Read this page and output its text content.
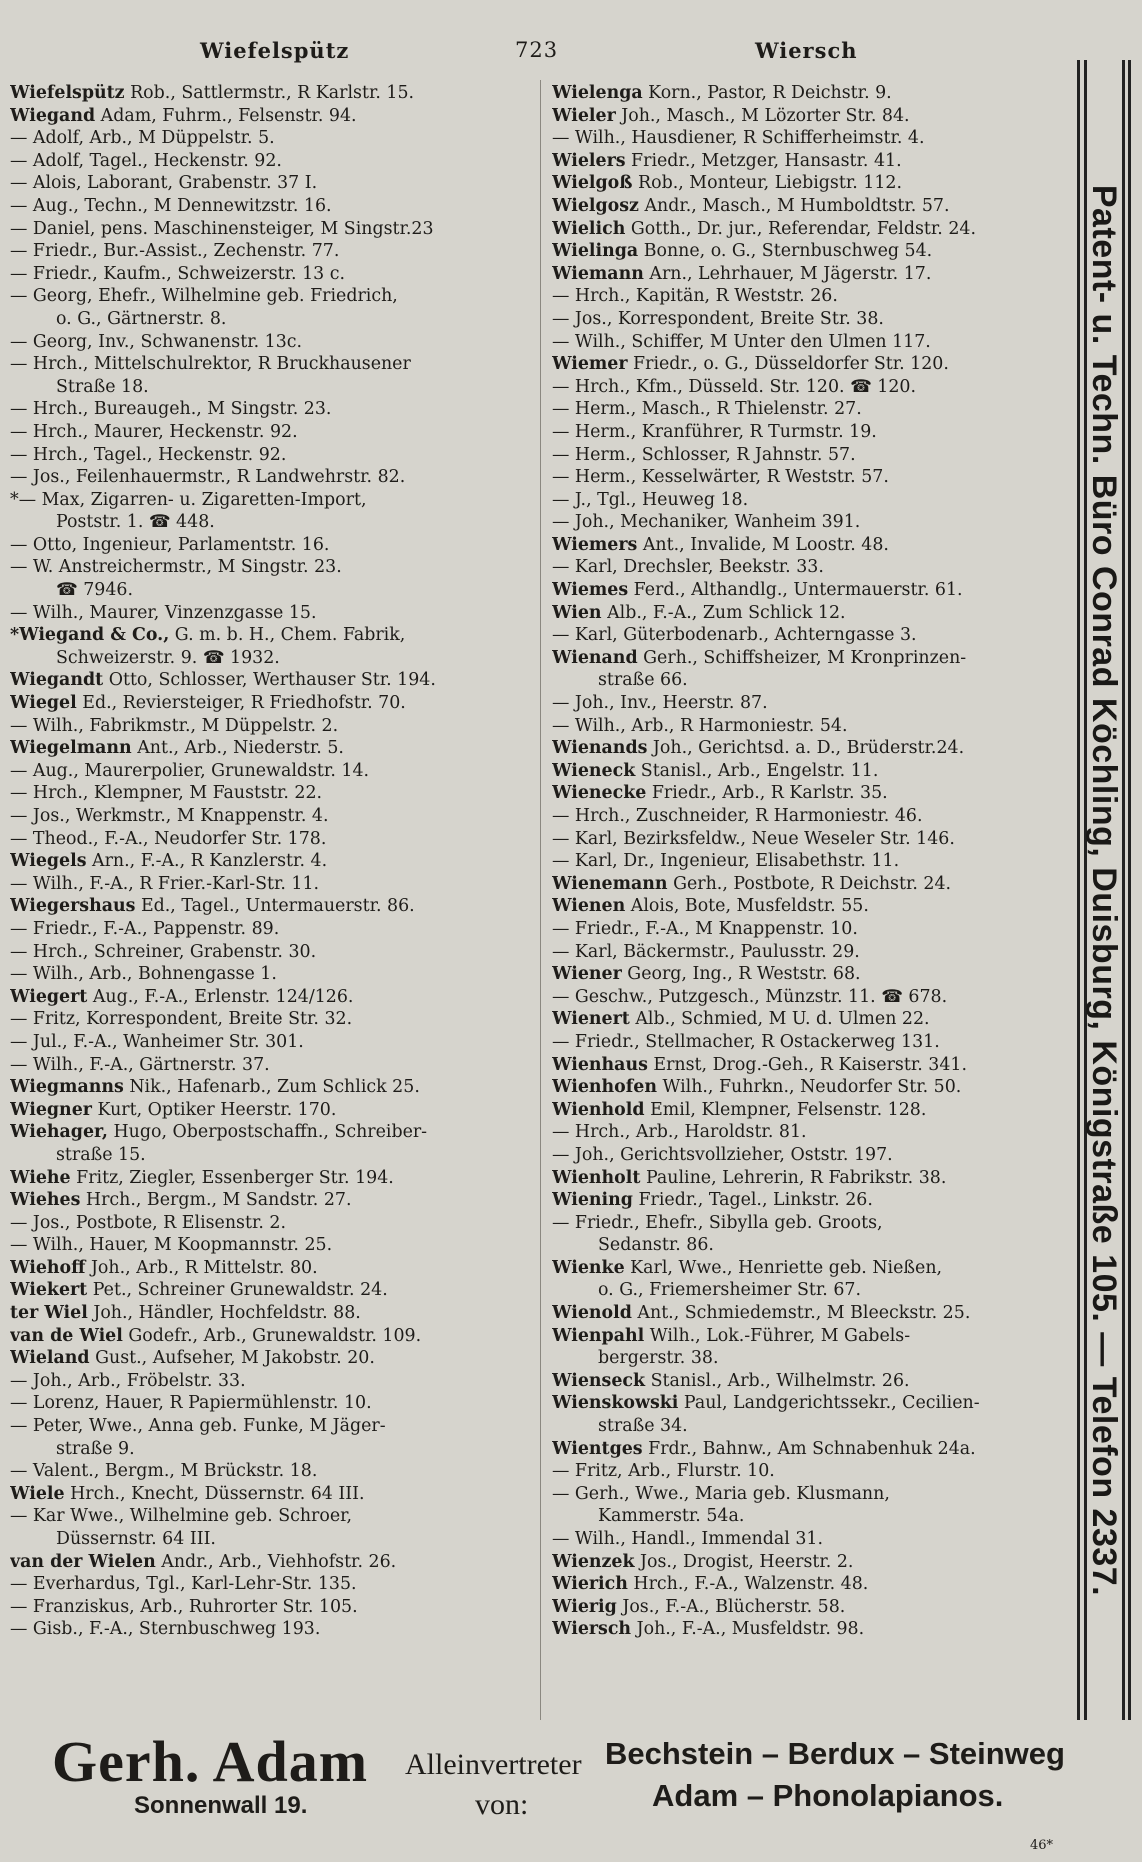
Wiefelspütz	723	Wiersch
Wiefelspütz Rob., Sattlermstr., R Karlstr. 15.
Wiegand Adam, Fuhrm., Felsenstr. 94.
— Adolf, Arb., M Düppelstr. 5.
— Adolf, Tagel., Heckenstr. 92.
— Alois, Laborant, Grabenstr. 37 I.
— Aug., Techn., M Dennewitzstr. 16.
— Daniel, pens. Maschinensteiger, M Singstr.23
— Friedr., Bur.-Assist., Zechenstr. 77.
— Friedr., Kaufm., Schweizerstr. 13 c.
— Georg, Ehefr., Wilhelmine geb. Friedrich,
o. G., Gärtnerstr. 8.
— Georg, Inv., Schwanenstr. 13c.
— Hrch., Mittelschulrektor, R Bruckhausener
Straße 18.
— Hrch., Bureaugeh., M Singstr. 23.
— Hrch., Maurer, Heckenstr. 92.
— Hrch., Tagel., Heckenstr. 92.
— Jos., Feilenhauermstr., R Landwehrstr. 82.
*— Max, Zigarren- u. Zigaretten-Import,
Poststr. 1. ☎ 448.
— Otto, Ingenieur, Parlamentstr. 16.
— W. Anstreichermstr., M Singstr. 23.
☎ 7946.
— Wilh., Maurer, Vinzenzgasse 15.
*Wiegand & Co., G. m. b. H., Chem. Fabrik,
Schweizerstr. 9. ☎ 1932.
Wiegandt Otto, Schlosser, Werthauser Str. 194.
Wiegel Ed., Reviersteiger, R Friedhofstr. 70.
— Wilh., Fabrikmstr., M Düppelstr. 2.
Wiegelmann Ant., Arb., Niederstr. 5.
— Aug., Maurerpolier, Grunewaldstr. 14.
— Hrch., Klempner, M Fauststr. 22.
— Jos., Werkmstr., M Knappenstr. 4.
— Theod., F.-A., Neudorfer Str. 178.
Wiegels Arn., F.-A., R Kanzlerstr. 4.
— Wilh., F.-A., R Frier.-Karl-Str. 11.
Wiegershaus Ed., Tagel., Untermauerstr. 86.
— Friedr., F.-A., Pappenstr. 89.
— Hrch., Schreiner, Grabenstr. 30.
— Wilh., Arb., Bohnengasse 1.
Wiegert Aug., F.-A., Erlenstr. 124/126.
— Fritz, Korrespondent, Breite Str. 32.
— Jul., F.-A., Wanheimer Str. 301.
— Wilh., F.-A., Gärtnerstr. 37.
Wiegmanns Nik., Hafenarb., Zum Schlick 25.
Wiegner Kurt, Optiker Heerstr. 170.
Wiehager, Hugo, Oberpostschaffn., Schreiber-
straße 15.
Wiehe Fritz, Ziegler, Essenberger Str. 194.
Wiehes Hrch., Bergm., M Sandstr. 27.
— Jos., Postbote, R Elisenstr. 2.
— Wilh., Hauer, M Koopmannstr. 25.
Wiehoff Joh., Arb., R Mittelstr. 80.
Wiekert Pet., Schreiner Grunewaldstr. 24.
ter Wiel Joh., Händler, Hochfeldstr. 88.
van de Wiel Godefr., Arb., Grunewaldstr. 109.
Wieland Gust., Aufseher, M Jakobstr. 20.
— Joh., Arb., Fröbelstr. 33.
— Lorenz, Hauer, R Papiermühlenstr. 10.
— Peter, Wwe., Anna geb. Funke, M Jäger-
straße 9.
— Valent., Bergm., M Brückstr. 18.
Wiele Hrch., Knecht, Düssernstr. 64 III.
— Kar Wwe., Wilhelmine geb. Schroer,
Düssernstr. 64 III.
van der Wielen Andr., Arb., Viehhofstr. 26.
— Everhardus, Tgl., Karl-Lehr-Str. 135.
— Franziskus, Arb., Ruhrorter Str. 105.
— Gisb., F.-A., Sternbuschweg 193.
Wielenga Korn., Pastor, R Deichstr. 9.
Wieler Joh., Masch., M Lözorter Str. 84.
— Wilh., Hausdiener, R Schifferheimstr. 4.
Wielers Friedr., Metzger, Hansastr. 41.
Wielgoß Rob., Monteur, Liebigstr. 112.
Wielgosz Andr., Masch., M Humboldtstr. 57.
Wielich Gotth., Dr. jur., Referendar, Feldstr. 24.
Wielinga Bonne, o. G., Sternbuschweg 54.
Wiemann Arn., Lehrhauer, M Jägerstr. 17.
— Hrch., Kapitän, R Weststr. 26.
— Jos., Korrespondent, Breite Str. 38.
— Wilh., Schiffer, M Unter den Ulmen 117.
Wiemer Friedr., o. G., Düsseldorfer Str. 120.
— Hrch., Kfm., Düsseld. Str. 120. ☎ 120.
— Herm., Masch., R Thielenstr. 27.
— Herm., Kranführer, R Turmstr. 19.
— Herm., Schlosser, R Jahnstr. 57.
— Herm., Kesselwärter, R Weststr. 57.
— J., Tgl., Heuweg 18.
— Joh., Mechaniker, Wanheim 391.
Wiemers Ant., Invalide, M Loostr. 48.
— Karl, Drechsler, Beekstr. 33.
Wiemes Ferd., Althandlg., Untermauerstr. 61.
Wien Alb., F.-A., Zum Schlick 12.
— Karl, Güterbodenarb., Achterngasse 3.
Wienand Gerh., Schiffsheizer, M Kronprinzen-
straße 66.
— Joh., Inv., Heerstr. 87.
— Wilh., Arb., R Harmoniestr. 54.
Wienands Joh., Gerichtsd. a. D., Brüderstr.24.
Wieneck Stanisl., Arb., Engelstr. 11.
Wienecke Friedr., Arb., R Karlstr. 35.
— Hrch., Zuschneider, R Harmoniestr. 46.
— Karl, Bezirksfeldw., Neue Weseler Str. 146.
— Karl, Dr., Ingenieur, Elisabethstr. 11.
Wienemann Gerh., Postbote, R Deichstr. 24.
Wienen Alois, Bote, Musfeldstr. 55.
— Friedr., F.-A., M Knappenstr. 10.
— Karl, Bäckermstr., Paulusstr. 29.
Wiener Georg, Ing., R Weststr. 68.
— Geschw., Putzgesch., Münzstr. 11. ☎ 678.
Wienert Alb., Schmied, M U. d. Ulmen 22.
— Friedr., Stellmacher, R Ostackerweg 131.
Wienhaus Ernst, Drog.-Geh., R Kaiserstr. 341.
Wienhofen Wilh., Fuhrkn., Neudorfer Str. 50.
Wienhold Emil, Klempner, Felsenstr. 128.
— Hrch., Arb., Haroldstr. 81.
— Joh., Gerichtsvollzieher, Oststr. 197.
Wienholt Pauline, Lehrerin, R Fabrikstr. 38.
Wiening Friedr., Tagel., Linkstr. 26.
— Friedr., Ehefr., Sibylla geb. Groots,
Sedanstr. 86.
Wienke Karl, Wwe., Henriette geb. Nießen,
o. G., Friemersheimer Str. 67.
Wienold Ant., Schmiedemstr., M Bleeckstr. 25.
Wienpahl Wilh., Lok.-Führer, M Gabels-
bergerstr. 38.
Wienseck Stanisl., Arb., Wilhelmstr. 26.
Wienskowski Paul, Landgerichtssekr., Cecilien-
straße 34.
Wientges Frdr., Bahnw., Am Schnabenhuk 24a.
— Fritz, Arb., Flurstr. 10.
— Gerh., Wwe., Maria geb. Klusmann,
Kammerstr. 54a.
— Wilh., Handl., Immendal 31.
Wienzek Jos., Drogist, Heerstr. 2.
Wierich Hrch., F.-A., Walzenstr. 48.
Wierig Jos., F.-A., Blücherstr. 58.
Wiersch Joh., F.-A., Musfeldstr. 98.
Patent- u. Techn. Büro Conrad Köchling, Duisburg, Königstraße 105. — Telefon 2337.
Gerh. Adam
Sonnenwall 19.
Alleinvertreter
von:
Bechstein – Berdux – Steinweg
Adam – Phonolapianos.
46*
